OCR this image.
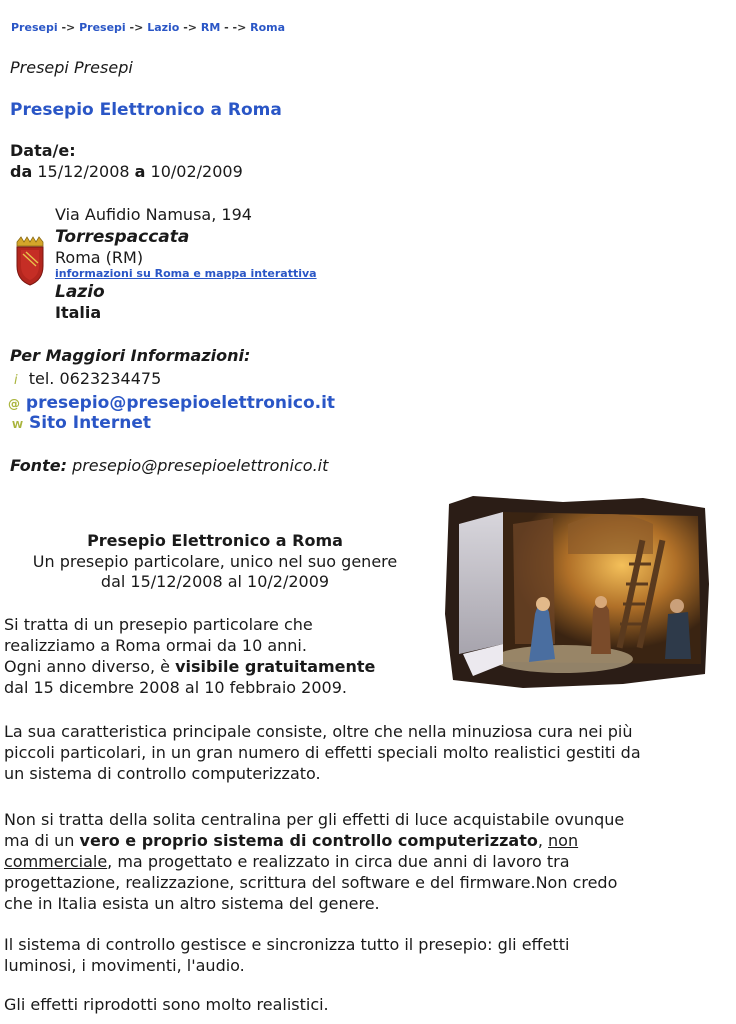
Presepi -> Presepi -> Lazio -> RM - -> Roma
Presepi Presepi
Presepio Elettronico a Roma
Data/e:
da 15/12/2008 a 10/02/2009
Via Aufidio Namusa, 194
Torrespaccata
Roma (RM)
informazioni su Roma e mappa interattiva
Lazio
Italia
Per Maggiori Informazioni:
i tel. 0623234475
@ presepio@presepioelettronico.it
W Sito Internet
Fonte: presepio@presepioelettronico.it
Presepio Elettronico a Roma
Un presepio particolare, unico nel suo genere
dal 15/12/2008 al 10/2/2009
Si tratta di un presepio particolare che
realizziamo a Roma ormai da 10 anni.
Ogni anno diverso, è visibile gratuitamente
dal 15 dicembre 2008 al 10 febbraio 2009.
La sua caratteristica principale consiste, oltre che nella minuziosa cura nei più
piccoli particolari, in un gran numero di effetti speciali molto realistici gestiti da
un sistema di controllo computerizzato.
Non si tratta della solita centralina per gli effetti di luce acquistabile ovunque
ma di un vero e proprio sistema di controllo computerizzato, non
commerciale, ma progettato e realizzato in circa due anni di lavoro tra
progettazione, realizzazione, scrittura del software e del firmware.Non credo
che in Italia esista un altro sistema del genere.
Il sistema di controllo gestisce e sincronizza tutto il presepio: gli effetti
luminosi, i movimenti, l'audio.
Gli effetti riprodotti sono molto realistici.
